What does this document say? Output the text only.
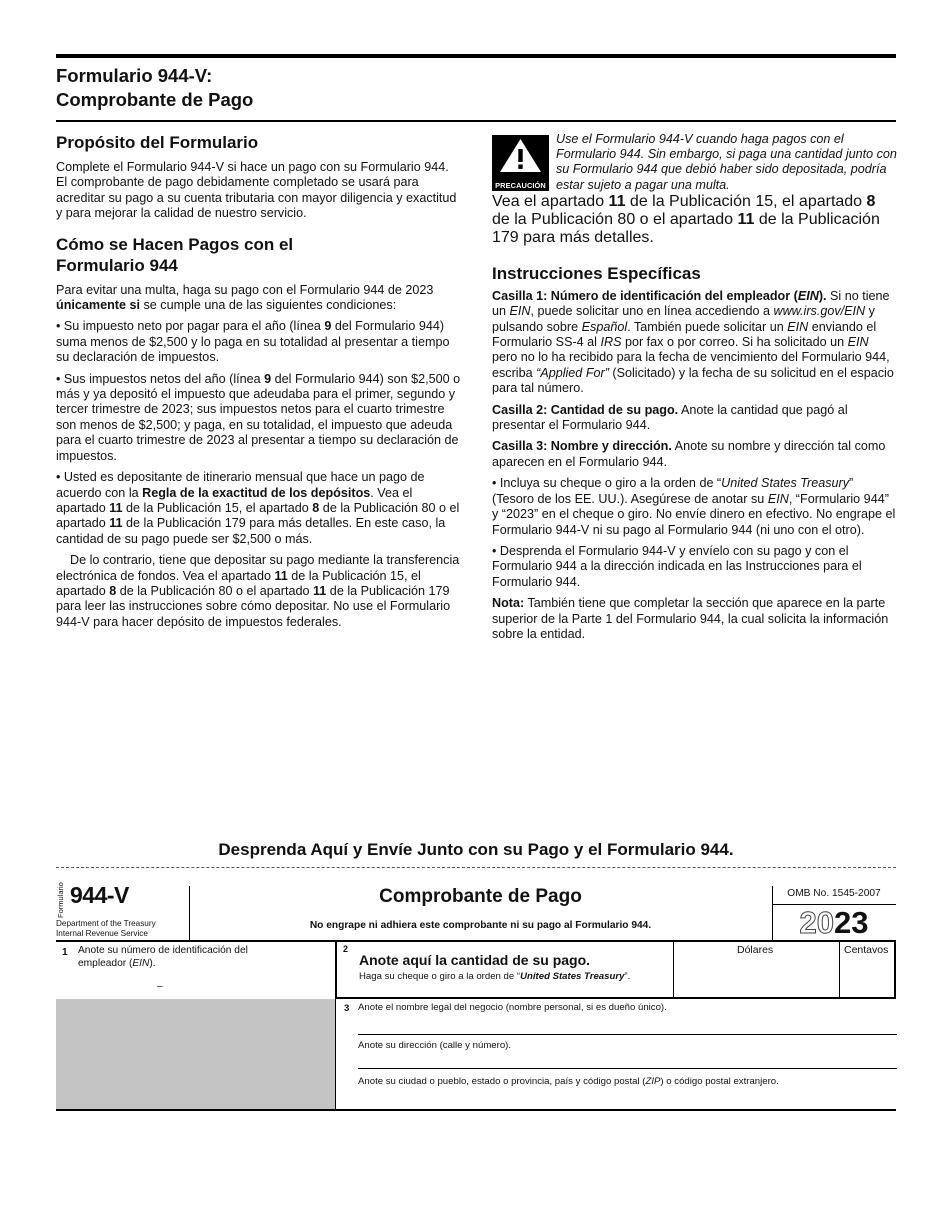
Formulario 944-V:
Comprobante de Pago
Propósito del Formulario

Complete el Formulario 944-V si hace un pago con su Formulario 944. El comprobante de pago debidamente completado se usará para acreditar su pago a su cuenta tributaria con mayor diligencia y exactitud y para mejorar la calidad de nuestro servicio.

Cómo se Hacen Pagos con el Formulario 944

Para evitar una multa, haga su pago con el Formulario 944 de 2023 únicamente si se cumple una de las siguientes condiciones:

• Su impuesto neto por pagar para el año (línea 9 del Formulario 944) suma menos de $2,500 y lo paga en su totalidad al presentar a tiempo su declaración de impuestos.

• Sus impuestos netos del año (línea 9 del Formulario 944) son $2,500 o más y ya depositó el impuesto que adeudaba para el primer, segundo y tercer trimestre de 2023; sus impuestos netos para el cuarto trimestre son menos de $2,500; y paga, en su totalidad, el impuesto que adeuda para el cuarto trimestre de 2023 al presentar a tiempo su declaración de impuestos.

• Usted es depositante de itinerario mensual que hace un pago de acuerdo con la Regla de la exactitud de los depósitos. Vea el apartado 11 de la Publicación 15, el apartado 8 de la Publicación 80 o el apartado 11 de la Publicación 179 para más detalles. En este caso, la cantidad de su pago puede ser $2,500 o más.

De lo contrario, tiene que depositar su pago mediante la transferencia electrónica de fondos. Vea el apartado 11 de la Publicación 15, el apartado 8 de la Publicación 80 o el apartado 11 de la Publicación 179 para leer las instrucciones sobre cómo depositar. No use el Formulario 944-V para hacer depósito de impuestos federales.

PRECAUCIÓN
Use el Formulario 944-V cuando haga pagos con el Formulario 944. Sin embargo, si paga una cantidad junto con su Formulario 944 que debió haber sido depositada, podría estar sujeto a pagar una multa.
Vea el apartado 11 de la Publicación 15, el apartado 8 de la Publicación 80 o el apartado 11 de la Publicación 179 para más detalles.
Instrucciones Específicas

Casilla 1: Número de identificación del empleador (EIN). Si no tiene un EIN, puede solicitar uno en línea accediendo a www.irs.gov/EIN y pulsando sobre Español. También puede solicitar un EIN enviando el Formulario SS-4 al IRS por fax o por correo. Si ha solicitado un EIN pero no lo ha recibido para la fecha de vencimiento del Formulario 944, escriba “Applied For” (Solicitado) y la fecha de su solicitud en el espacio para tal número.

Casilla 2: Cantidad de su pago. Anote la cantidad que pagó al presentar el Formulario 944.

Casilla 3: Nombre y dirección. Anote su nombre y dirección tal como aparecen en el Formulario 944.

• Incluya su cheque o giro a la orden de “United States Treasury” (Tesoro de los EE. UU.). Asegúrese de anotar su EIN, “Formulario 944” y “2023” en el cheque o giro. No envíe dinero en efectivo. No engrape el Formulario 944-V ni su pago al Formulario 944 (ni uno con el otro).

• Desprenda el Formulario 944-V y envíelo con su pago y con el Formulario 944 a la dirección indicada en las Instrucciones para el Formulario 944.

Nota: También tiene que completar la sección que aparece en la parte superior de la Parte 1 del Formulario 944, la cual solicita la información sobre la entidad.

Desprenda Aquí y Envíe Junto con su Pago y el Formulario 944.
Formulario 944-V
Department of the Treasury
Internal Revenue Service
Comprobante de Pago
No engrape ni adhiera este comprobante ni su pago al Formulario 944.
OMB No. 1545-2007
2023
1 Anote su número de identificación del empleador (EIN).
–
2
Anote aquí la cantidad de su pago.
Haga su cheque o giro a la orden de “United States Treasury”.
Dólares	Centavos
3 Anote el nombre legal del negocio (nombre personal, si es dueño único).
Anote su dirección (calle y número).
Anote su ciudad o pueblo, estado o provincia, país y código postal (ZIP) o código postal extranjero.
